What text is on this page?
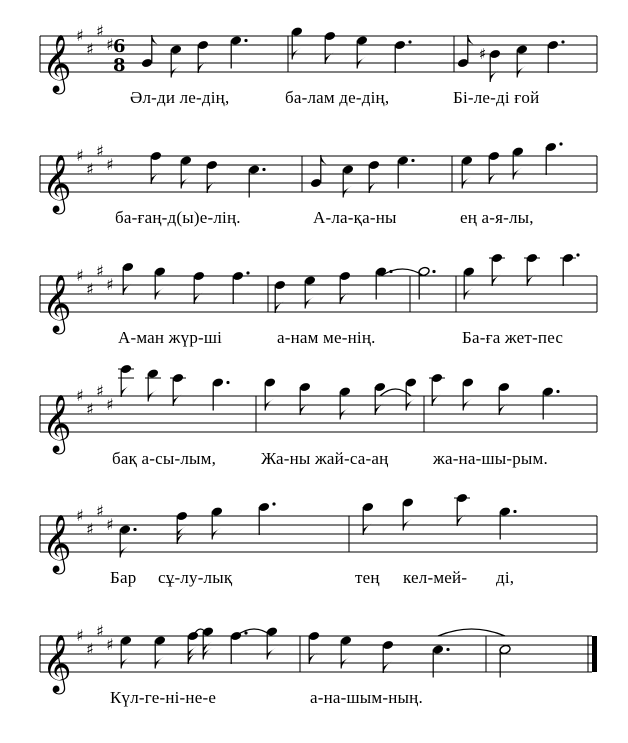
𝄞 ♯
♯
♯
♯ 6
8
♯
𝄞 ♯
♯
♯
♯
𝄞 ♯
♯
♯
♯
𝄞 ♯
♯
♯
♯
𝄞 ♯
♯
♯
♯
𝄞 ♯
♯
♯
♯
Әл-ди ле-дің,	ба-лам де-дің,	Бі-ле-ді ғой
ба-ғаң-д(ы)е-лің.	А-ла-қа-ны	ең а-я-лы,
А-ман жүр-ші	а-нам ме-нің.	Ба-ға жет-пес
бақ а-сы-лым,	Жа-ны жай-са-аң	жа-на-шы-рым.
Бар сұ-лу-лық	тең кел-мей- ді,
Күл-ге-ні-не-е	а-на-шым-ның.
